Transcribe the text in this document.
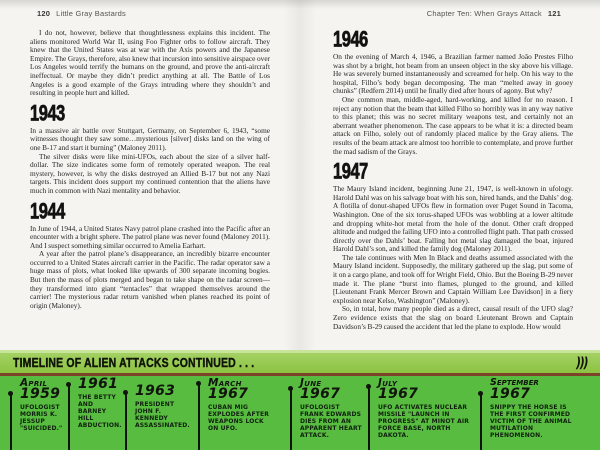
120 Little Gray Bastards

I do not, however, believe that thoughtlessness explains this incident. The aliens monitored World War II, using Foo Fighter orbs to follow aircraft. They knew that the United States was at war with the Axis powers and the Japanese Empire. The Grays, therefore, also knew that incursion into sensitive airspace over Los Angeles would terrify the humans on the ground, and prove the anti-aircraft ineffectual. Or maybe they didn’t predict anything at all. The Battle of Los Angeles is a good example of the Grays intruding where they shouldn’t and resulting in people hurt and killed.

1943

In a massive air battle over Stuttgart, Germany, on September 6, 1943, “some witnesses thought they saw some…mysterious [silver] disks land on the wing of one B-17 and start it burning” (Maloney 2011).

The silver disks were like mini-UFOs, each about the size of a silver half-dollar. The size indicates some form of remotely operated weapon. The real mystery, however, is why the disks destroyed an Allied B-17 but not any Nazi targets. This incident does support my continued contention that the aliens have much in common with Nazi mentality and behavior.

1944

In June of 1944, a United States Navy patrol plane crashed into the Pacific after an encounter with a bright sphere. The patrol plane was never found (Maloney 2011). And I suspect something similar occurred to Amelia Earhart.

A year after the patrol plane’s disappearance, an incredibly bizarre encounter occurred to a United States aircraft carrier in the Pacific. The radar operator saw a huge mass of plots, what looked like upwards of 300 separate incoming bogies. But then the mass of plots merged and began to take shape on the radar screen—they transformed into giant “tentacles” that wrapped themselves around the carrier! The mysterious radar return vanished when planes reached its point of origin (Maloney).

Chapter Ten: When Grays Attack 121
1946

On the evening of March 4, 1946, a Brazilian farmer named João Prestes Filho was shot by a bright, hot beam from an unseen object in the sky above his village. He was severely burned instantaneously and screamed for help. On his way to the hospital, Filho’s body began decomposing. The man “melted away in gooey chunks” (Redfern 2014) until he finally died after hours of agony. But why?

One common man, middle-aged, hard-working, and killed for no reason. I reject any notion that the beam that killed Filho so horribly was in any way native to this planet; this was no secret military weapons test, and certainly not an aberrant weather phenomenon. The case appears to be what it is: a directed beam attack on Filho, solely out of randomly placed malice by the Gray aliens. The results of the beam attack are almost too horrible to contemplate, and prove further the mad sadism of the Grays.

1947

The Maury Island incident, beginning June 21, 1947, is well-known in ufology. Harold Dahl was on his salvage boat with his son, hired hands, and the Dahls’ dog. A flotilla of donut-shaped UFOs flew in formation over Puget Sound in Tacoma, Washington. One of the six torus-shaped UFOs was wobbling at a lower altitude and dropping white-hot metal from the hole of the donut. Other craft dropped altitude and nudged the failing UFO into a controlled flight path. That path crossed directly over the Dahls’ boat. Falling hot metal slag damaged the boat, injured Harold Dahl’s son, and killed the family dog (Maloney 2011).

The tale continues with Men In Black and deaths assumed associated with the Maury Island incident. Supposedly, the military gathered up the slag, put some of it on a cargo plane, and took off for Wright Field, Ohio. But the Boeing B-29 never made it. The plane “burst into flames, plunged to the ground, and killed [Lieutenant Frank Mercer Brown and Captain William Lee Davidson] in a fiery explosion near Kelso, Washington” (Maloney).

So, in total, how many people died as a direct, causal result of the UFO slag? Zero evidence exists that the slag on board Lieutenant Brown and Captain Davidson’s B-29 caused the accident that led the plane to explode. How would

TIMELINE OF ALIEN ATTACKS CONTINUED . . .	)))
April
1959
UFOLOGIST MORRIS K. JESSUP "SUICIDED."
1961
THE BETTY AND BARNEY HILL ABDUCTION.
1963
PRESIDENT JOHN F. KENNEDY ASSASSINATED.
March
1967
CUBAN MIG EXPLODES AFTER WEAPONS LOCK ON UFO.
June
1967
UFOLOGIST FRANK EDWARDS DIES FROM AN APPARENT HEART ATTACK.
July
1967
UFO ACTIVATES NUCLEAR MISSILE "LAUNCH IN PROGRESS" AT MINOT AIR FORCE BASE, NORTH DAKOTA.
September
1967
SNIPPY THE HORSE IS THE FIRST CONFIRMED VICTIM OF THE ANIMAL MUTILATION PHENOMENON.
